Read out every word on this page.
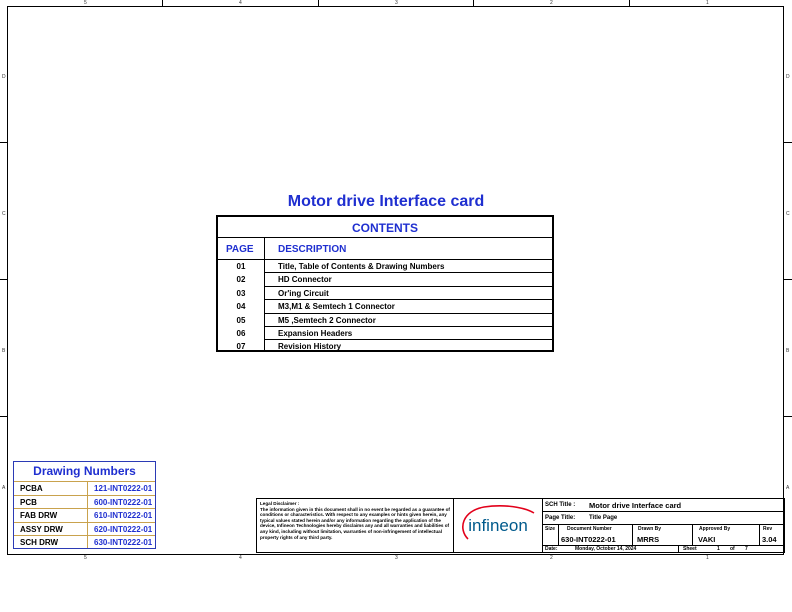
5	4	3	2	1
5	4	3	2	1
D
C
B
A
D
C
B
A
Motor drive Interface card
CONTENTS
PAGE DESCRIPTION
01	Title, Table of Contents & Drawing Numbers
02	HD Connector
03	Or'ing Circuit
04	M3,M1 & Semtech 1 Connector
05	M5 ,Semtech 2 Connector
06	Expansion Headers
07	Revision History
Drawing Numbers
PCBA	121-INT0222-01
PCB	600-INT0222-01
FAB DRW	610-INT0222-01
ASSY DRW	620-INT0222-01
SCH DRW	630-INT0222-01
Legal Disclaimer :
The information given in this document shall in no event be regarded as a guarantee of conditions or characteristics. With respect to any examples or hints given herein, any typical values stated herein and/or any information regarding the application of the device, Infineon Technologies hereby disclaims any and all warranties and liabilities of any kind, including without limitation, warranties of non-infringement of intellectual property rights of any third party.
infineon
SCH Title : Motor drive Interface card
Page Title: Title Page
Size Document Number
630-INT0222-01
Drawn By
MRRS
Approved By
VAKI
Rev
3.04
Date:	Monday, October 14, 2024	Sheet	1 of 7
